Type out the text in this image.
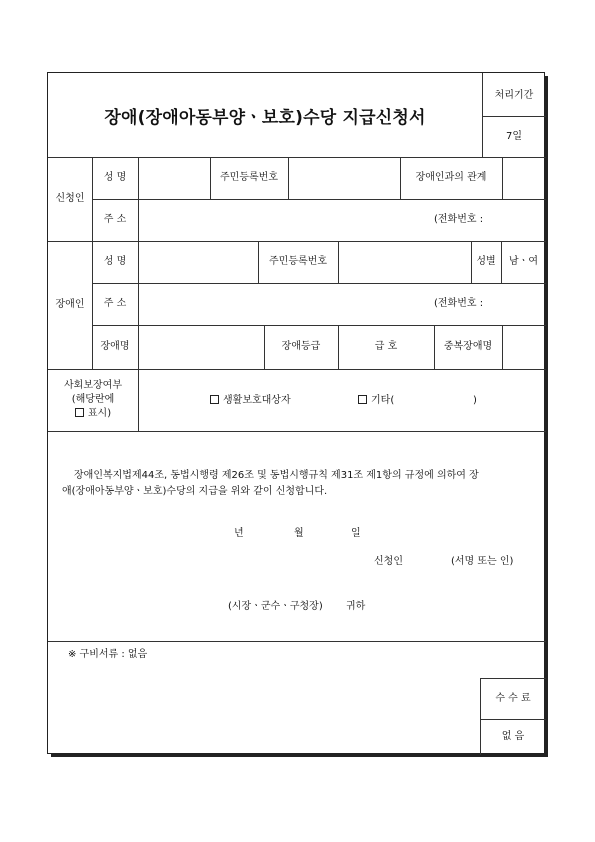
장애(장애아동부양ㆍ보호)수당 지급신청서
처리기간
7일
신청인
성 명	주민등록번호	장애인과의 관계
주 소	(전화번호 :
장애인
성 명	주민등록번호	성별	남ㆍ여
주 소	(전화번호 :
장애명	장애등급	급 호	중복장애명
사회보장여부
(해당란에
표시)
생활보호대상자	기타(	)
장애인복지법제44조, 동법시행령 제26조 및 동법시행규칙 제31조 제1항의 규정에 의하여 장
애(장애아동부양ㆍ보호)수당의 지급을 위와 같이 신청합니다.
년	월	일
신청인	(서명 또는 인)
(시장ㆍ군수ㆍ구청장) 귀하
※ 구비서류 : 없음
수 수 료
없 음
